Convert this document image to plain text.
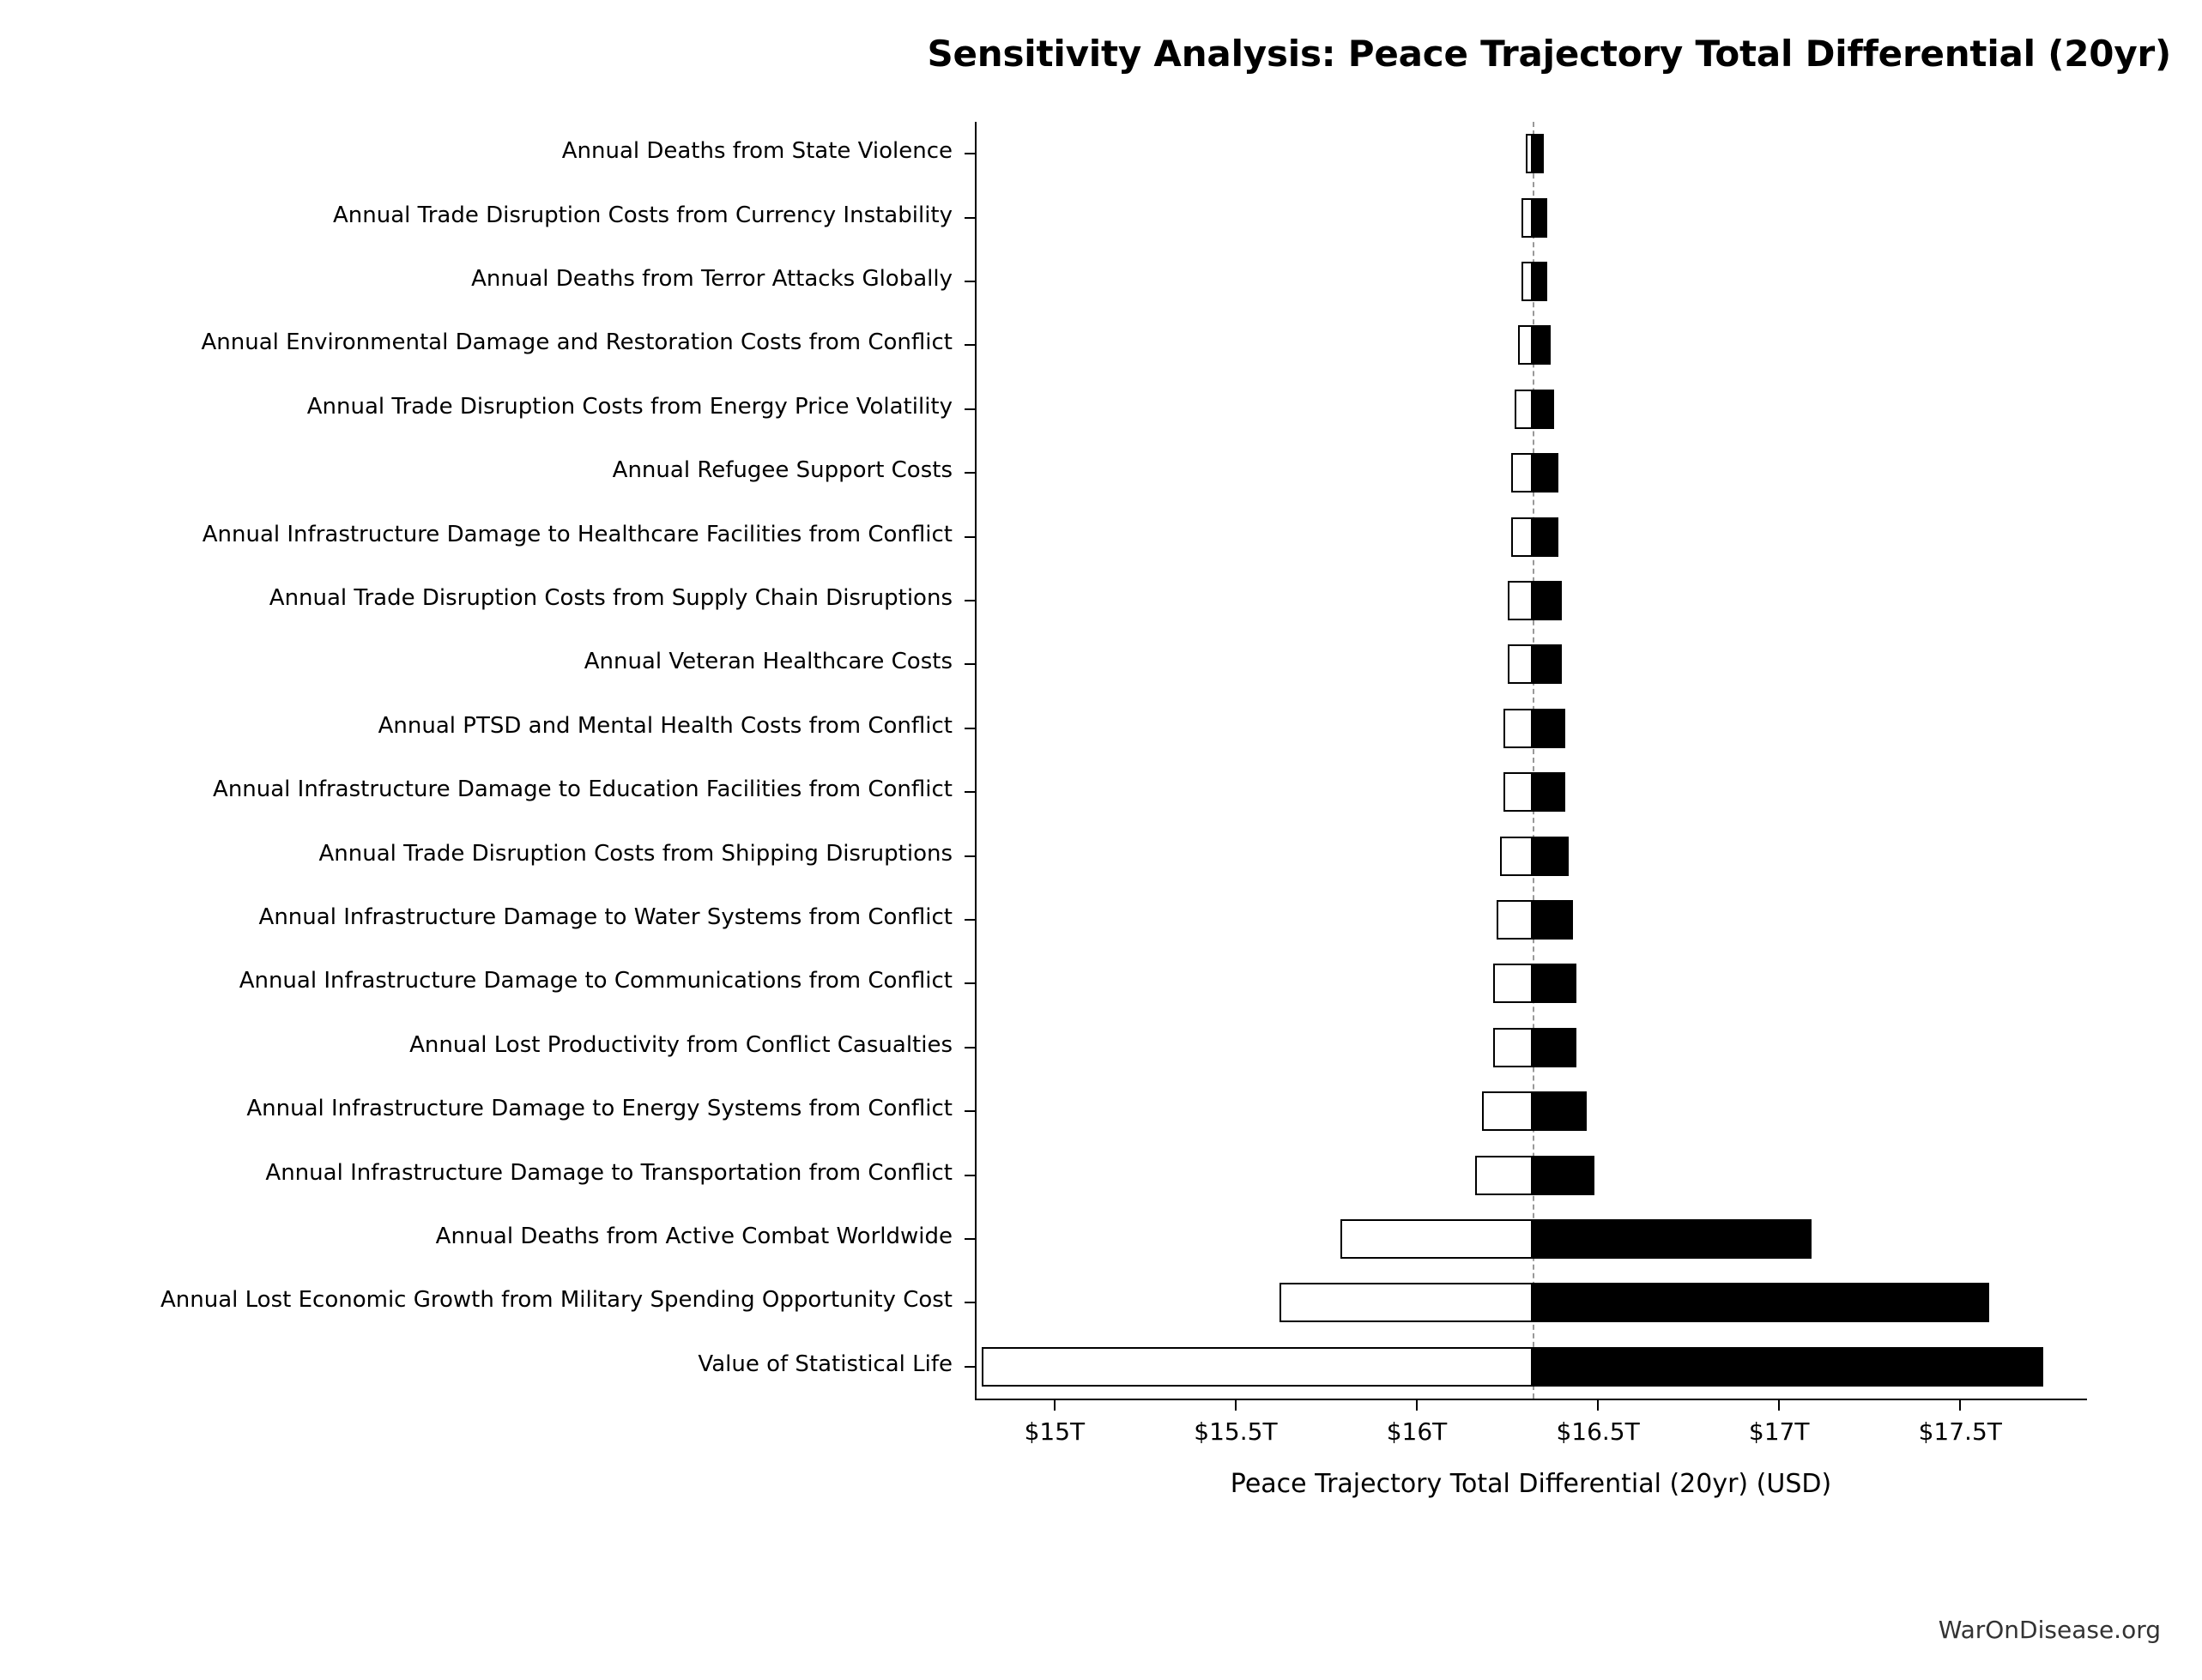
Sensitivity Analysis: Peace Trajectory Total Differential (20yr)
Peace Trajectory Total Differential (20yr) (USD)
WarOnDisease.org
Annual Deaths from State Violence
Annual Trade Disruption Costs from Currency Instability
Annual Deaths from Terror Attacks Globally
Annual Environmental Damage and Restoration Costs from Conflict
Annual Trade Disruption Costs from Energy Price Volatility
Annual Refugee Support Costs
Annual Infrastructure Damage to Healthcare Facilities from Conflict
Annual Trade Disruption Costs from Supply Chain Disruptions
Annual Veteran Healthcare Costs
Annual PTSD and Mental Health Costs from Conflict
Annual Infrastructure Damage to Education Facilities from Conflict
Annual Trade Disruption Costs from Shipping Disruptions
Annual Infrastructure Damage to Water Systems from Conflict
Annual Infrastructure Damage to Communications from Conflict
Annual Lost Productivity from Conflict Casualties
Annual Infrastructure Damage to Energy Systems from Conflict
Annual Infrastructure Damage to Transportation from Conflict
Annual Deaths from Active Combat Worldwide
Annual Lost Economic Growth from Military Spending Opportunity Cost
Value of Statistical Life
$15T	$15.5T	$16T	$16.5T	$17T	$17.5T
